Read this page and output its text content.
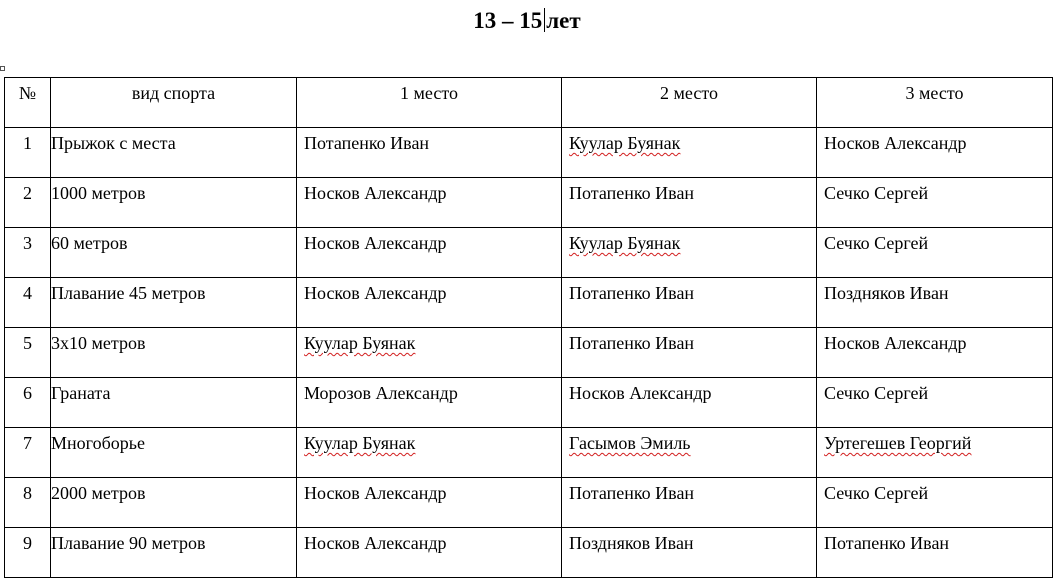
13 – 15 лет
№	вид спорта	1 место	2 место	3 место
1	Прыжок с места	Потапенко Иван	Куулар Буянак	Носков Александр
2	1000 метров	Носков Александр	Потапенко Иван	Сечко Сергей
3	60 метров	Носков Александр	Куулар Буянак	Сечко Сергей
4	Плавание 45 метров	Носков Александр	Потапенко Иван	Поздняков Иван
5	3х10 метров	Куулар Буянак	Потапенко Иван	Носков Александр
6	Граната	Морозов Александр	Носков Александр	Сечко Сергей
7	Многоборье	Куулар Буянак	Гасымов Эмиль	Уртегешев Георгий
8	2000 метров	Носков Александр	Потапенко Иван	Сечко Сергей
9	Плавание 90 метров	Носков Александр	Поздняков Иван	Потапенко Иван
